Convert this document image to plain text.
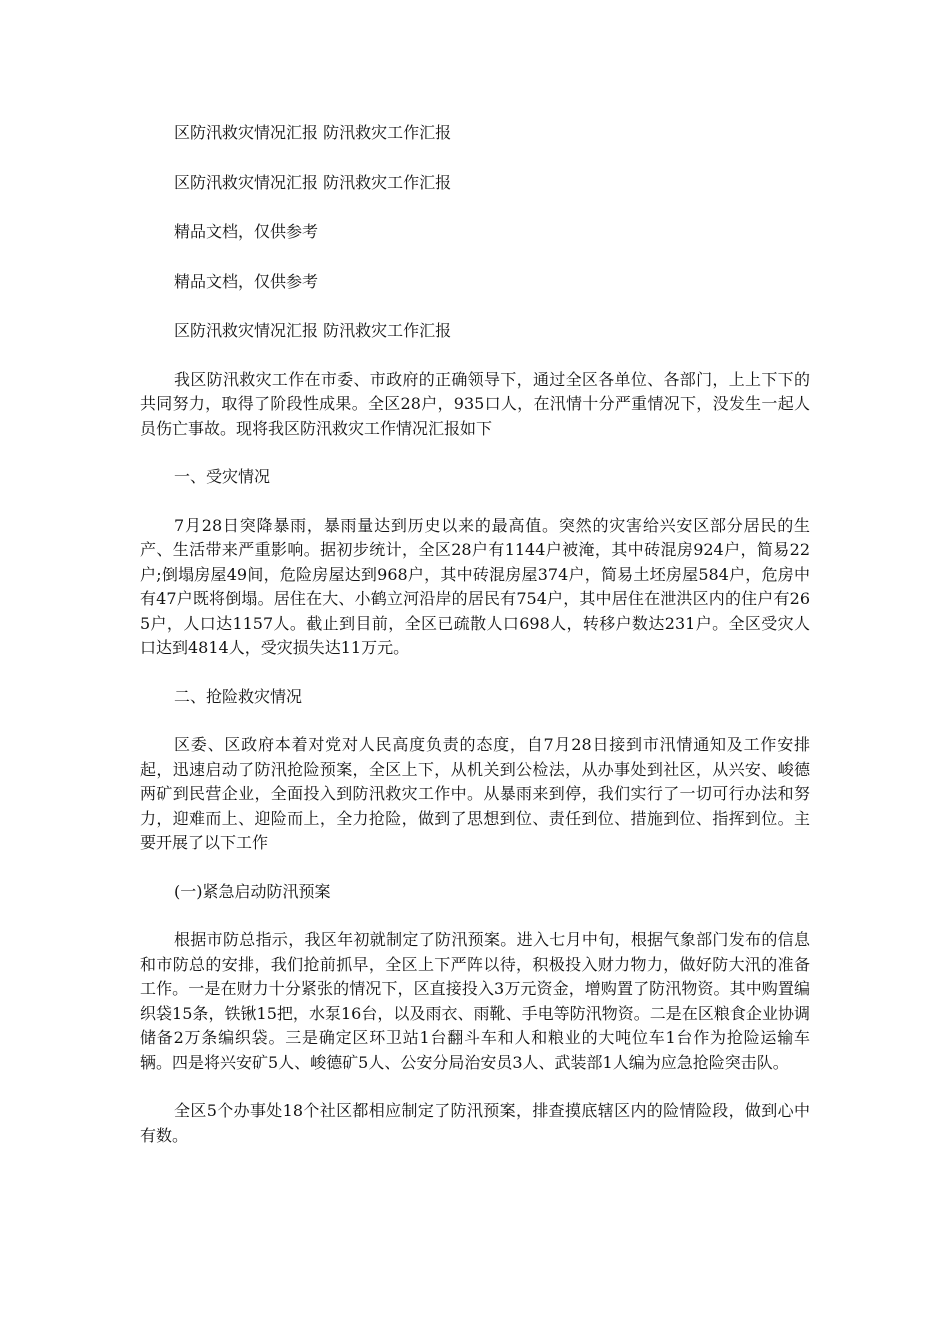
区防汛救灾情况汇报 防汛救灾工作汇报

区防汛救灾情况汇报 防汛救灾工作汇报

精品文档，仅供参考

精品文档，仅供参考

区防汛救灾情况汇报 防汛救灾工作汇报

我区防汛救灾工作在市委、市政府的正确领导下，通过全区各单位、各部门，上上下下的共同努力，取得了阶段性成果。全区28户，935口人，在汛情十分严重情况下，没发生一起人员伤亡事故。现将我区防汛救灾工作情况汇报如下

一、受灾情况

7月28日突降暴雨，暴雨量达到历史以来的最高值。突然的灾害给兴安区部分居民的生产、生活带来严重影响。据初步统计，全区28户有1144户被淹，其中砖混房924户，简易22户;倒塌房屋49间，危险房屋达到968户，其中砖混房屋374户，简易土坯房屋584户，危房中有47户既将倒塌。居住在大、小鹤立河沿岸的居民有754户，其中居住在泄洪区内的住户有265户，人口达1157人。截止到目前，全区已疏散人口698人，转移户数达231户。全区受灾人口达到4814人，受灾损失达11万元。

二、抢险救灾情况

区委、区政府本着对党对人民高度负责的态度，自7月28日接到市汛情通知及工作安排起，迅速启动了防汛抢险预案，全区上下，从机关到公检法，从办事处到社区，从兴安、峻德两矿到民营企业，全面投入到防汛救灾工作中。从暴雨来到停，我们实行了一切可行办法和努力，迎难而上、迎险而上，全力抢险，做到了思想到位、责任到位、措施到位、指挥到位。主要开展了以下工作

(一)紧急启动防汛预案

根据市防总指示，我区年初就制定了防汛预案。进入七月中旬，根据气象部门发布的信息和市防总的安排，我们抢前抓早，全区上下严阵以待，积极投入财力物力，做好防大汛的准备工作。一是在财力十分紧张的情况下，区直接投入3万元资金，增购置了防汛物资。其中购置编织袋15条，铁锹15把，水泵16台，以及雨衣、雨靴、手电等防汛物资。二是在区粮食企业协调储备2万条编织袋。三是确定区环卫站1台翻斗车和人和粮业的大吨位车1台作为抢险运输车辆。四是将兴安矿5人、峻德矿5人、公安分局治安员3人、武装部1人编为应急抢险突击队。

全区5个办事处18个社区都相应制定了防汛预案，排查摸底辖区内的险情险段，做到心中有数。
